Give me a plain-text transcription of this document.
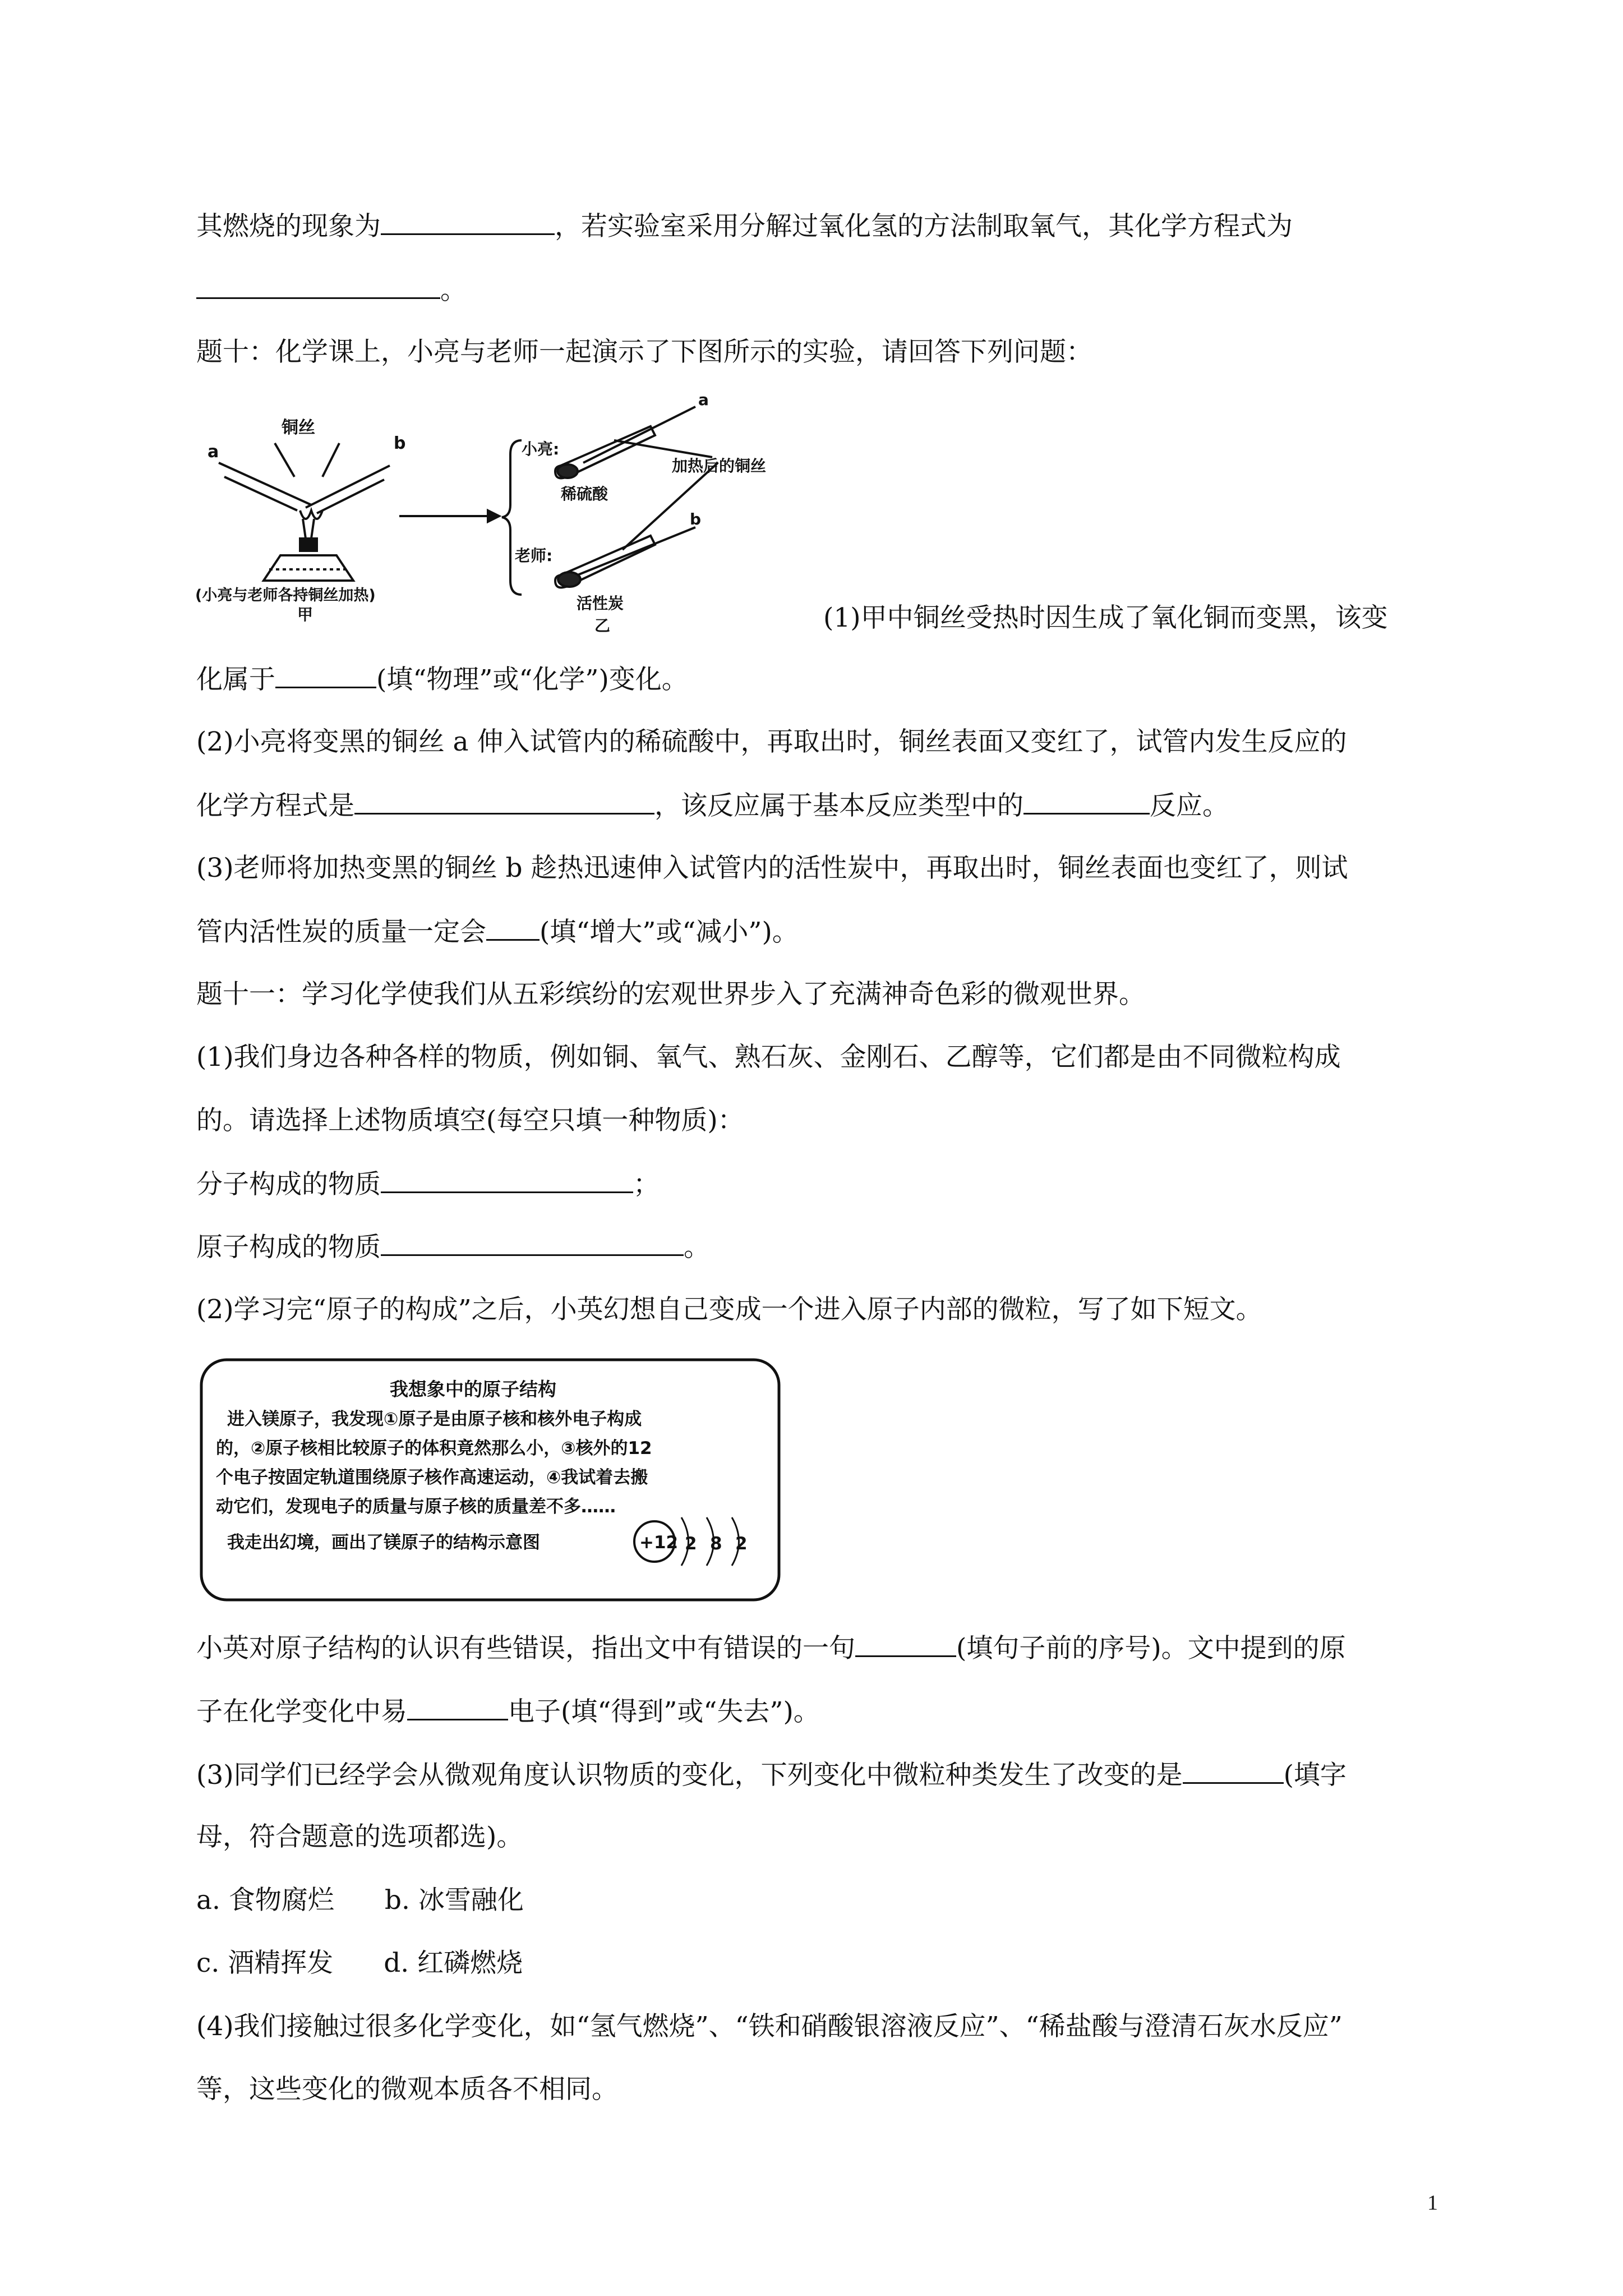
其燃烧的现象为	，若实验室采用分解过氧化氢的方法制取氧气，其化学方程式为
。
题十：化学课上，小亮与老师一起演示了下图所示的实验，请回答下列问题：
铜丝
a	b
(小亮与老师各持铜丝加热)
甲
a
小亮:
稀硫酸
加热后的铜丝
b
老师:
活性炭
乙	(1)甲中铜丝受热时因生成了氧化铜而变黑，该变
化属于	(填“物理”或“化学”)变化。
(2)小亮将变黑的铜丝 a 伸入试管内的稀硫酸中，再取出时，铜丝表面又变红了，试管内发生反应的
化学方程式是	，该反应属于基本反应类型中的	反应。
(3)老师将加热变黑的铜丝 b 趁热迅速伸入试管内的活性炭中，再取出时，铜丝表面也变红了，则试
管内活性炭的质量一定会 (填“增大”或“减小”)。
题十一：学习化学使我们从五彩缤纷的宏观世界步入了充满神奇色彩的微观世界。
(1)我们身边各种各样的物质，例如铜、氧气、熟石灰、金刚石、乙醇等，它们都是由不同微粒构成
的。请选择上述物质填空(每空只填一种物质)：
分子构成的物质	；
原子构成的物质	。
(2)学习完“原子的构成”之后，小英幻想自己变成一个进入原子内部的微粒，写了如下短文。
我想象中的原子结构
进入镁原子，我发现①原子是由原子核和核外电子构成
的，②原子核相比较原子的体积竟然那么小，③核外的12
个电子按固定轨道围绕原子核作高速运动，④我试着去搬
动它们，发现电子的质量与原子核的质量差不多……
我走出幻境，画出了镁原子的结构示意图	+12 2 8 2
小英对原子结构的认识有些错误，指出文中有错误的一句	(填句子前的序号)。文中提到的原
子在化学变化中易	电子(填“得到”或“失去”)。
(3)同学们已经学会从微观角度认识物质的变化，下列变化中微粒种类发生了改变的是	(填字
母，符合题意的选项都选)。
a. 食物腐烂 b. 冰雪融化
c. 酒精挥发 d. 红磷燃烧
(4)我们接触过很多化学变化，如“氢气燃烧”、“铁和硝酸银溶液反应”、“稀盐酸与澄清石灰水反应”
等，这些变化的微观本质各不相同。
1
